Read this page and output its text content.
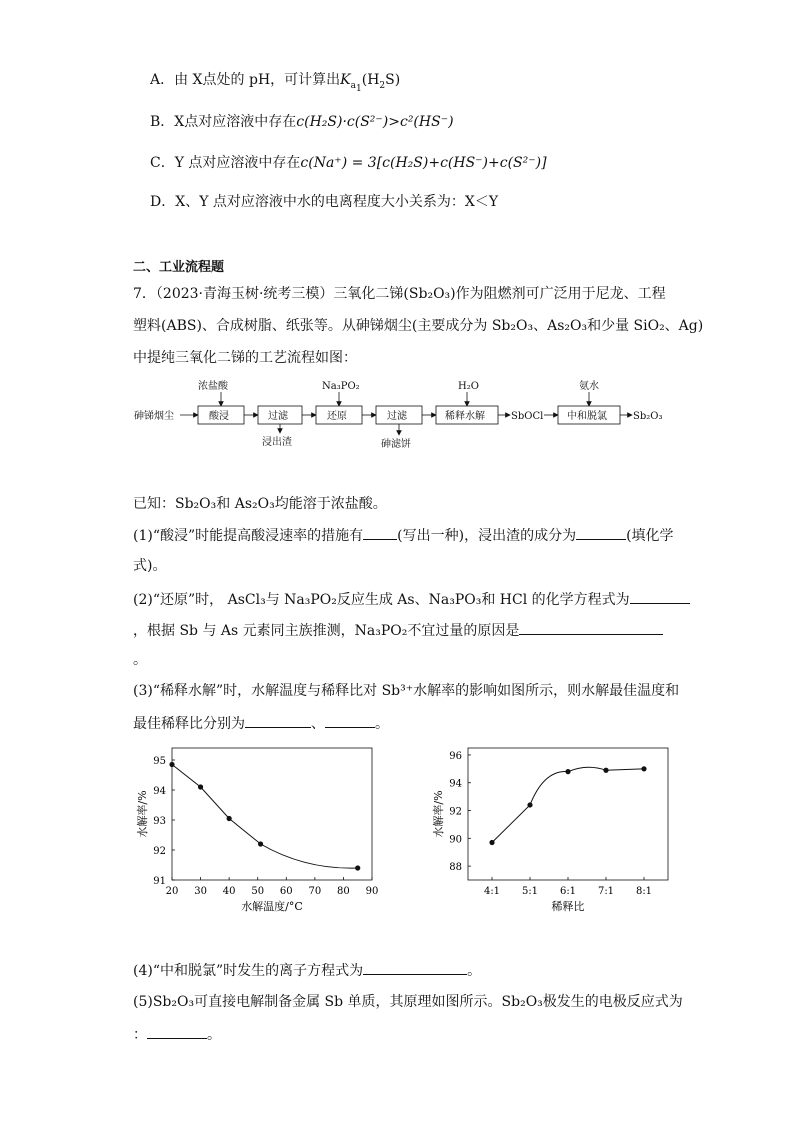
A．由 X点处的 pH，可计算出$K_{a_1}(H_2S)$
B．X点对应溶液中存在c(H₂S)·c(S²⁻)>c²(HS⁻)
C．Y 点对应溶液中存在c(Na⁺) = 3[c(H₂S)+c(HS⁻)+c(S²⁻)]
D．X、Y 点对应溶液中水的电离程度大小关系为：X＜Y
二、工业流程题
7．（2023·青海玉树·统考三模）三氧化二锑(Sb₂O₃)作为阻燃剂可广泛用于尼龙、工程
塑料(ABS)、合成树脂、纸张等。从砷锑烟尘(主要成分为 Sb₂O₃、As₂O₃和少量 SiO₂、Ag)
中提纯三氧化二锑的工艺流程如图：
砷锑烟尘	酸浸	过滤	还原	过滤	稀释水解	SbOCl 中和脱氯	Sb₂O₃
浓盐酸	Na₃PO₂	H₂O	氨水
浸出渣	砷滤饼
已知：Sb₂O₃和 As₂O₃均能溶于浓盐酸。
(1)“酸浸”时能提高酸浸速率的措施有 (写出一种)，浸出渣的成分为	(填化学
式)。
(2)“还原”时， AsCl₃与 Na₃PO₂反应生成 As、Na₃PO₃和 HCl 的化学方程式为
，根据 Sb 与 As 元素同主族推测，Na₃PO₂不宜过量的原因是
。
(3)“稀释水解”时，水解温度与稀释比对 Sb³⁺水解率的影响如图所示，则水解最佳温度和
最佳稀释比分别为	、	。
20 30 40 50 60 70 80 90
91
92
93
94
95
水解温度/°C
水解率/%
4:1 5:1 6:1 7:1 8:1
88
90
92
94
96
稀释比
水解率/%
(4)“中和脱氯”时发生的离子方程式为	。
(5)Sb₂O₃可直接电解制备金属 Sb 单质，其原理如图所示。Sb₂O₃极发生的电极反应式为
：	。
